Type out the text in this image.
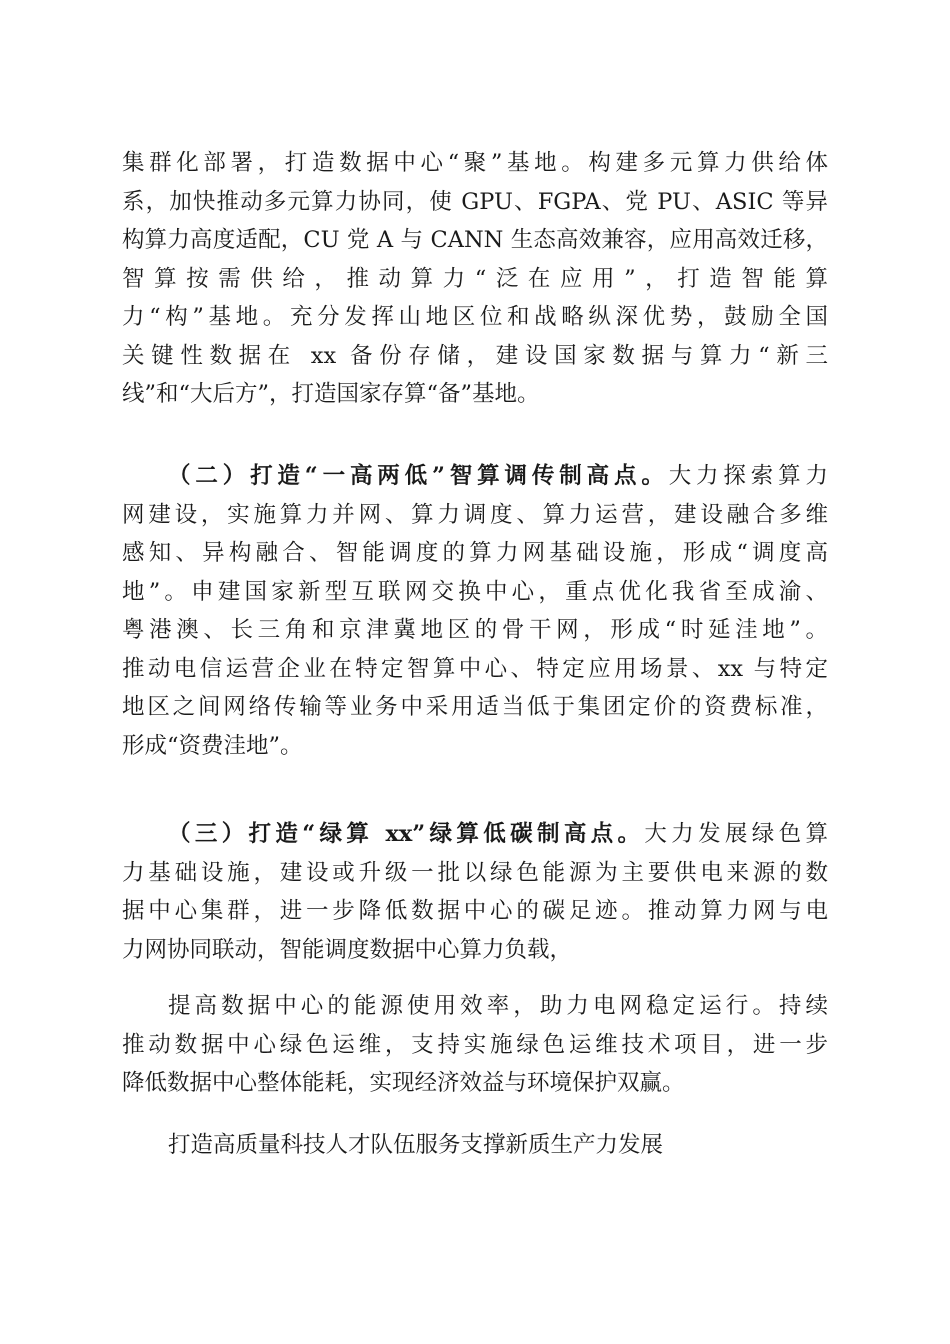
集群化部署，打造数据中心“聚”基地。构建多元算力供给体
系，加快推动多元算力协同，使 GPU、FGPA、党 PU、ASIC 等异
构算力高度适配，CU 党 A 与 CANN 生态高效兼容，应用高效迁移，
智算按需供给，推动算力“泛在应用”，打造智能算
力“构”基地。充分发挥山地区位和战略纵深优势，鼓励全国
关键性数据在 xx 备份存储，建设国家数据与算力“新三
线”和“大后方”，打造国家存算“备”基地。
（二）打造“一高两低”智算调传制高点。大力探索算力
网建设，实施算力并网、算力调度、算力运营，建设融合多维
感知、异构融合、智能调度的算力网基础设施，形成“调度高
地”。申建国家新型互联网交换中心，重点优化我省至成渝、
粤港澳、长三角和京津冀地区的骨干网，形成“时延洼地”。
推动电信运营企业在特定智算中心、特定应用场景、xx 与特定
地区之间网络传输等业务中采用适当低于集团定价的资费标准，
形成“资费洼地”。
（三）打造“绿算 xx”绿算低碳制高点。大力发展绿色算
力基础设施，建设或升级一批以绿色能源为主要供电来源的数
据中心集群，进一步降低数据中心的碳足迹。推动算力网与电
力网协同联动，智能调度数据中心算力负载，
提高数据中心的能源使用效率，助力电网稳定运行。持续
推动数据中心绿色运维，支持实施绿色运维技术项目，进一步
降低数据中心整体能耗，实现经济效益与环境保护双赢。
打造高质量科技人才队伍服务支撑新质生产力发展
